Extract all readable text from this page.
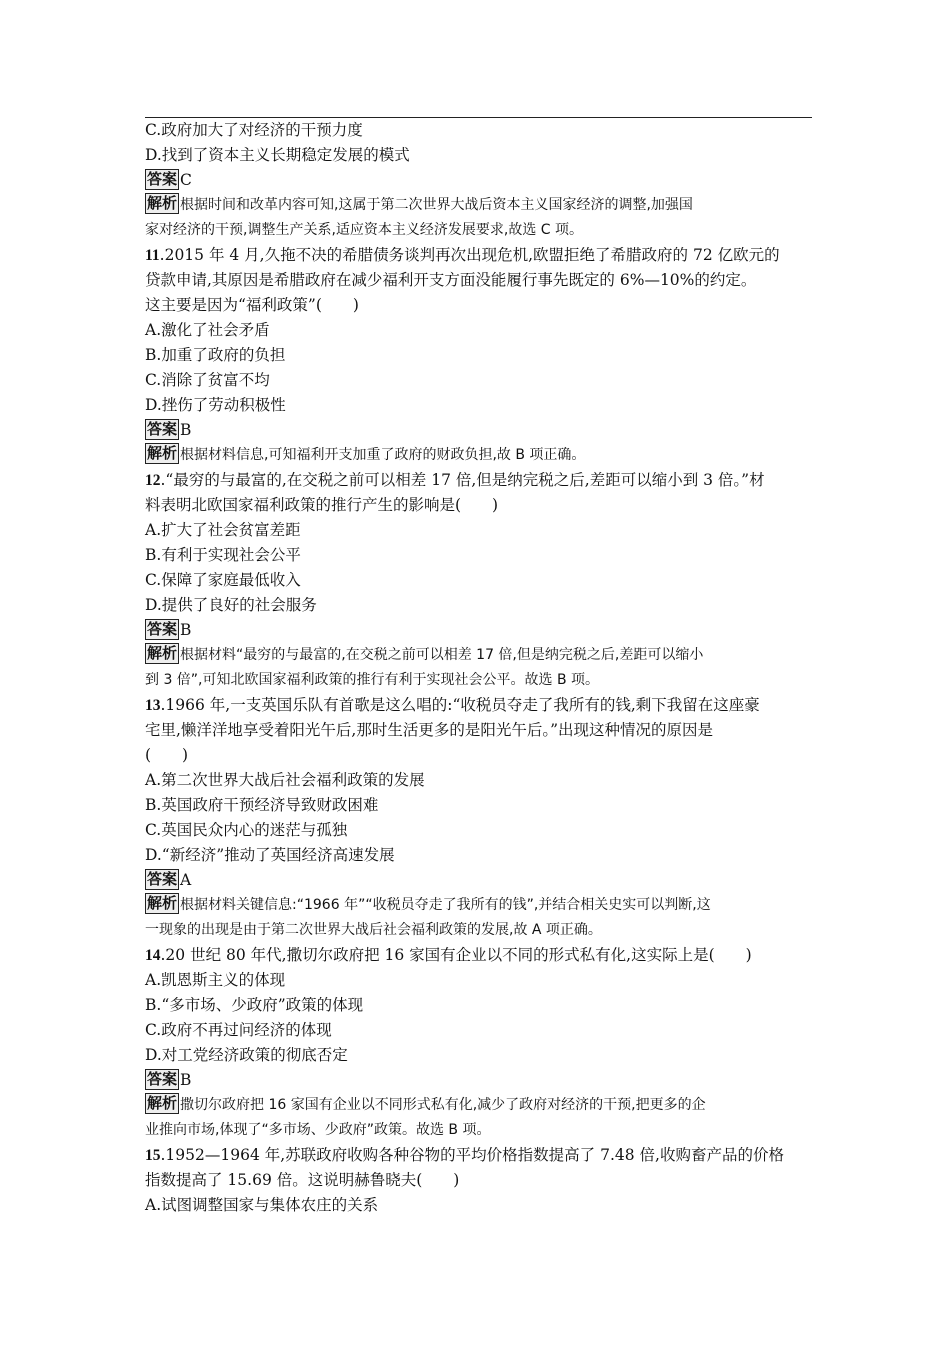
C.政府加大了对经济的干预力度
D.找到了资本主义长期稳定发展的模式
答案 C
解析 根据时间和改革内容可知,这属于第二次世界大战后资本主义国家经济的调整,加强国
家对经济的干预,调整生产关系,适应资本主义经济发展要求,故选 C 项。
11.2015 年 4 月,久拖不决的希腊债务谈判再次出现危机,欧盟拒绝了希腊政府的 72 亿欧元的
贷款申请,其原因是希腊政府在减少福利开支方面没能履行事先既定的 6%—10%的约定。
这主要是因为“福利政策”(　　)
A.激化了社会矛盾
B.加重了政府的负担
C.消除了贫富不均
D.挫伤了劳动积极性
答案 B
解析 根据材料信息,可知福利开支加重了政府的财政负担,故 B 项正确。
12.“最穷的与最富的,在交税之前可以相差 17 倍,但是纳完税之后,差距可以缩小到 3 倍。”材
料表明北欧国家福利政策的推行产生的影响是(　　)
A.扩大了社会贫富差距
B.有利于实现社会公平
C.保障了家庭最低收入
D.提供了良好的社会服务
答案 B
解析 根据材料“最穷的与最富的,在交税之前可以相差 17 倍,但是纳完税之后,差距可以缩小
到 3 倍”,可知北欧国家福利政策的推行有利于实现社会公平。故选 B 项。
13.1966 年,一支英国乐队有首歌是这么唱的:“收税员夺走了我所有的钱,剩下我留在这座豪
宅里,懒洋洋地享受着阳光午后,那时生活更多的是阳光午后。”出现这种情况的原因是
(　　)
A.第二次世界大战后社会福利政策的发展
B.英国政府干预经济导致财政困难
C.英国民众内心的迷茫与孤独
D.“新经济”推动了英国经济高速发展
答案 A
解析 根据材料关键信息:“1966 年”“收税员夺走了我所有的钱”,并结合相关史实可以判断,这
一现象的出现是由于第二次世界大战后社会福利政策的发展,故 A 项正确。
14.20 世纪 80 年代,撒切尔政府把 16 家国有企业以不同的形式私有化,这实际上是(　　)
A.凯恩斯主义的体现
B.“多市场、少政府”政策的体现
C.政府不再过问经济的体现
D.对工党经济政策的彻底否定
答案 B
解析 撒切尔政府把 16 家国有企业以不同形式私有化,减少了政府对经济的干预,把更多的企
业推向市场,体现了“多市场、少政府”政策。故选 B 项。
15.1952—1964 年,苏联政府收购各种谷物的平均价格指数提高了 7.48 倍,收购畜产品的价格
指数提高了 15.69 倍。这说明赫鲁晓夫(　　)
A.试图调整国家与集体农庄的关系
